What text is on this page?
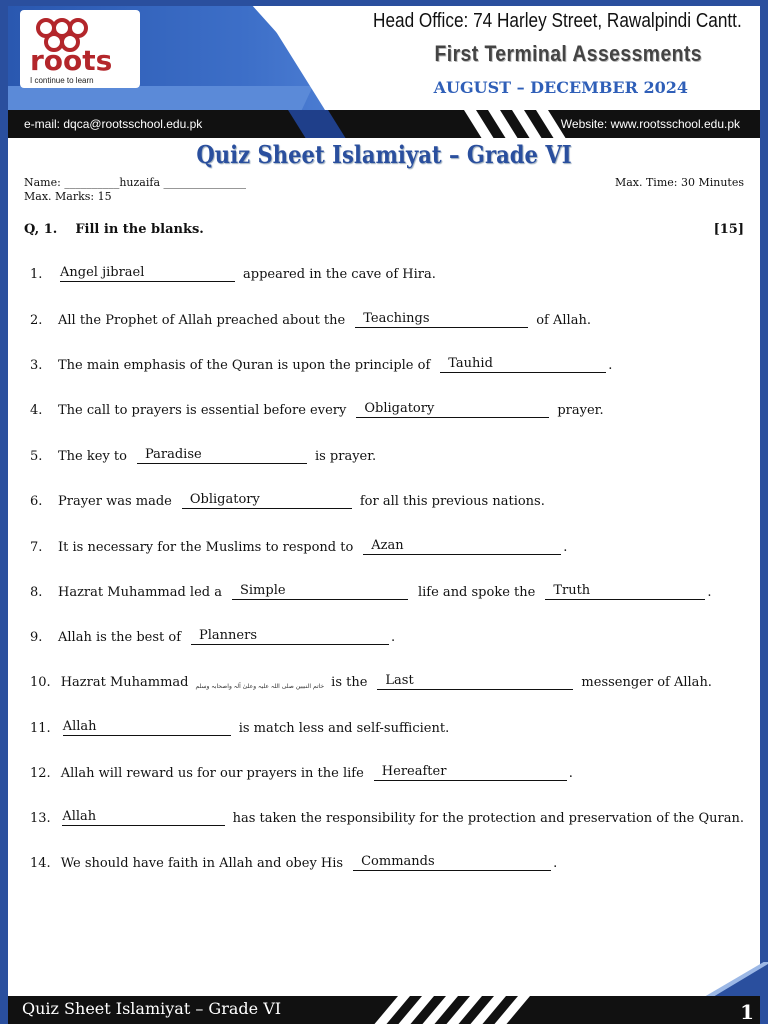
roots
I continue to learn
Head Office: 74 Harley Street, Rawalpindi Cantt.
First Terminal Assessments
AUGUST – DECEMBER 2024
e-mail: dqca@rootsschool.edu.pk	Website: www.rootsschool.edu.pk
Quiz Sheet Islamiyat – Grade VI
Name: __________huzaifa _______________
Max. Marks: 15
Max. Time: 30 Minutes
Q, 1. Fill in the blanks.	[15]
1.	Angel jibrael	appeared in the cave of Hira.
2.	All the Prophet of Allah preached about the	Teachings	of Allah.
3.	The main emphasis of the Quran is upon the principle of	Tauhid	.
4.	The call to prayers is essential before every	Obligatory	prayer.
5.	The key to	Paradise	is prayer.
6.	Prayer was made	Obligatory	for all this previous nations.
7.	It is necessary for the Muslims to respond to	Azan	.
8.	Hazrat Muhammad led a	Simple	life and spoke the	Truth	.
9.	Allah is the best of	Planners	.
10. Hazrat Muhammad خاتم النبیین صلی اللہ علیہ وعلیٰ آلہ واصحابہ وسلم is the	Last	messenger of Allah.
11. Allah	is match less and self-sufficient.
12. Allah will reward us for our prayers in the life	Hereafter	.
13. Allah	has taken the responsibility for the protection and preservation of the Quran.
14. We should have faith in Allah and obey His	Commands	.
Quiz Sheet Islamiyat – Grade VI	1
